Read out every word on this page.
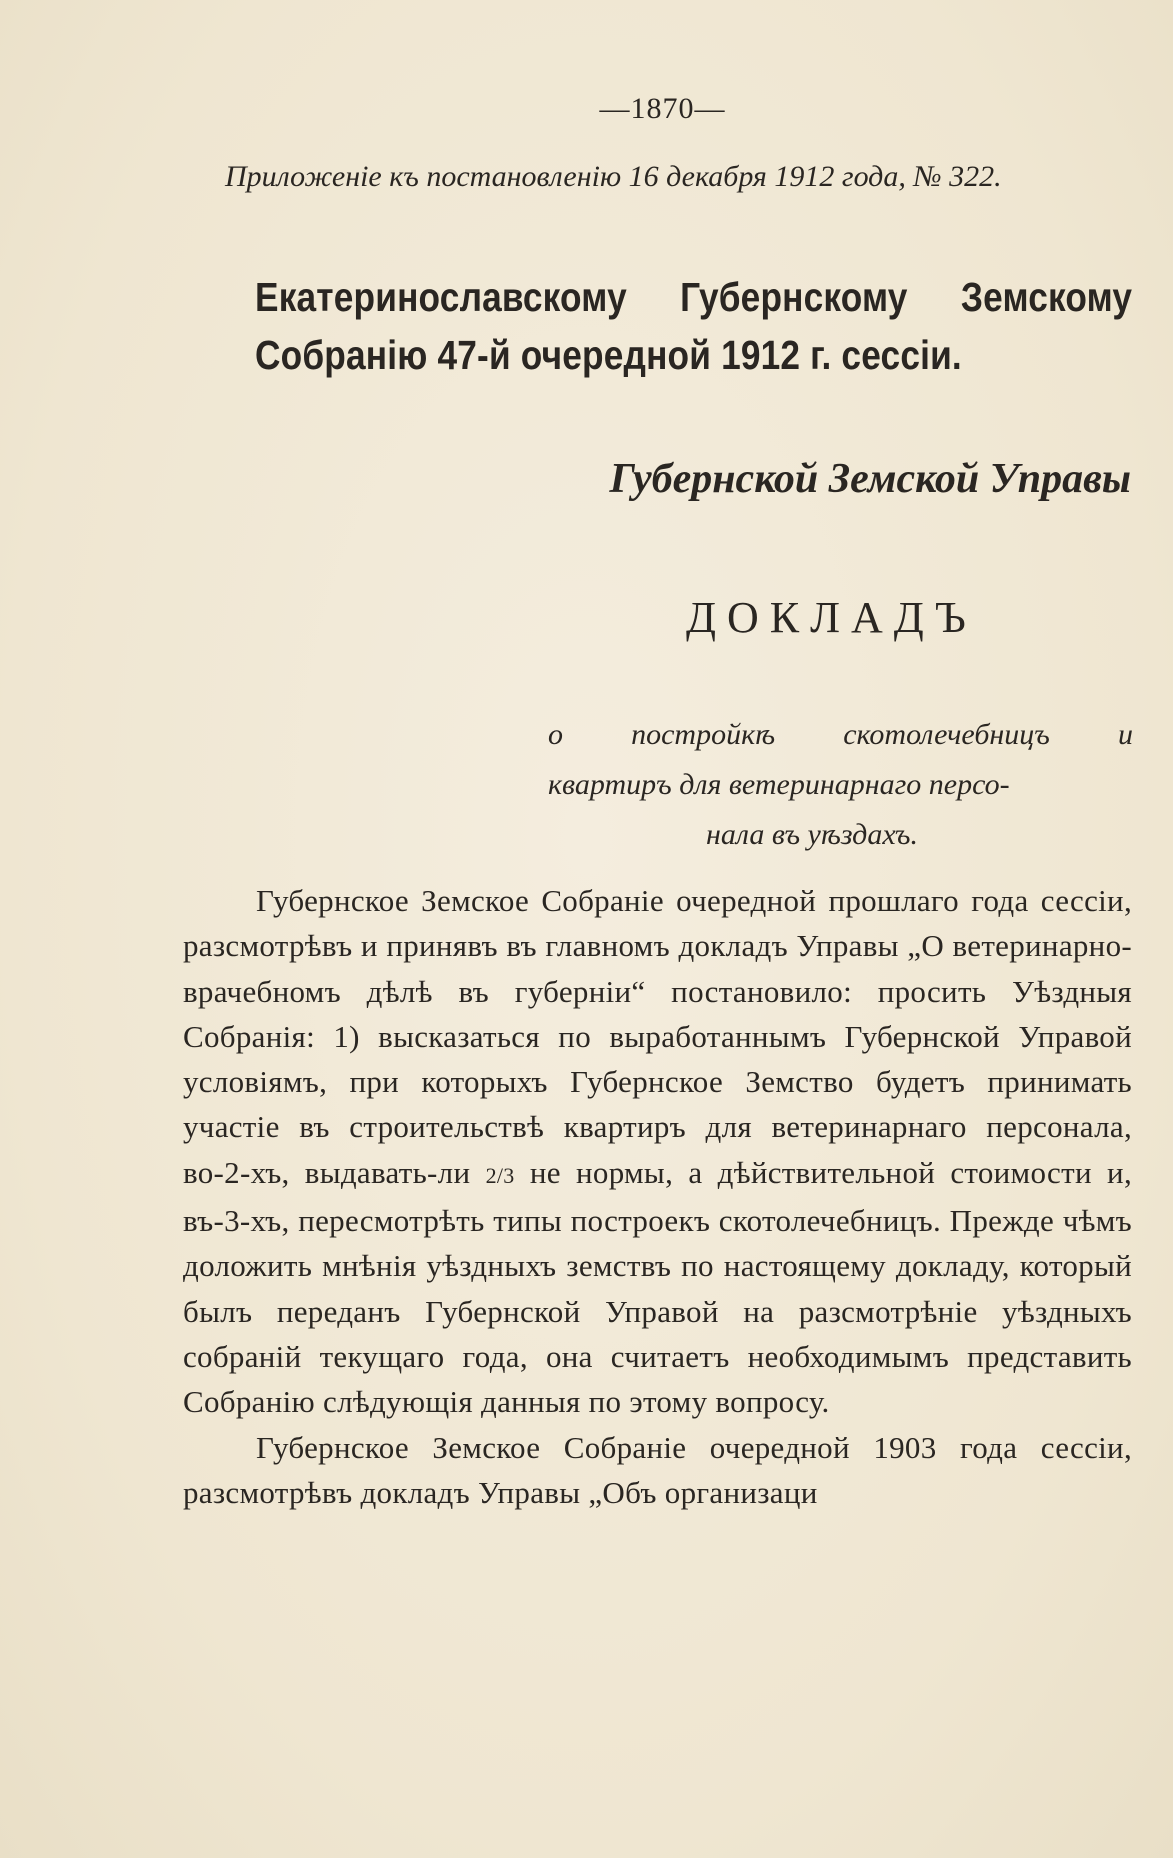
—1870—
Приложеніе къ постановленію 16 декабря 1912 года, № 322.
Екатеринославскому Губернскому Земскому Собранію 47-й очередной 1912 г. сессіи.
Губернской Земской Управы
ДОКЛАДЪ
о постройкѣ скотолечебницъ и
квартиръ для ветеринарнаго персо-
нала въ уѣздахъ.

Губернское Земское Собраніе очередной прошлаго года сессіи, разсмотрѣвъ и принявъ въ главномъ докладъ Управы „О ветеринарно-врачебномъ дѣлѣ въ губерніи“ постановило: просить Уѣздныя Собранія: 1) высказаться по выработаннымъ Губернской Управой условіямъ, при которыхъ Губернское Земство будетъ принимать участіе въ строительствѣ квартиръ для ветеринарнаго персонала, во-2-хъ, выдавать-ли 2/3 не нормы, а дѣйствительной стоимости и, въ-3-хъ, пересмотрѣть типы построекъ скотолечебницъ. Прежде чѣмъ доложить мнѣнія уѣздныхъ земствъ по настоящему докладу, который былъ переданъ Губернской Управой на разсмотрѣніе уѣздныхъ собраній текущаго года, она считаетъ необходимымъ представить Собранію слѣдующія данныя по этому вопросу.

Губернское Земское Собраніе очередной 1903 года сессіи, разсмотрѣвъ докладъ Управы „Объ организаци
